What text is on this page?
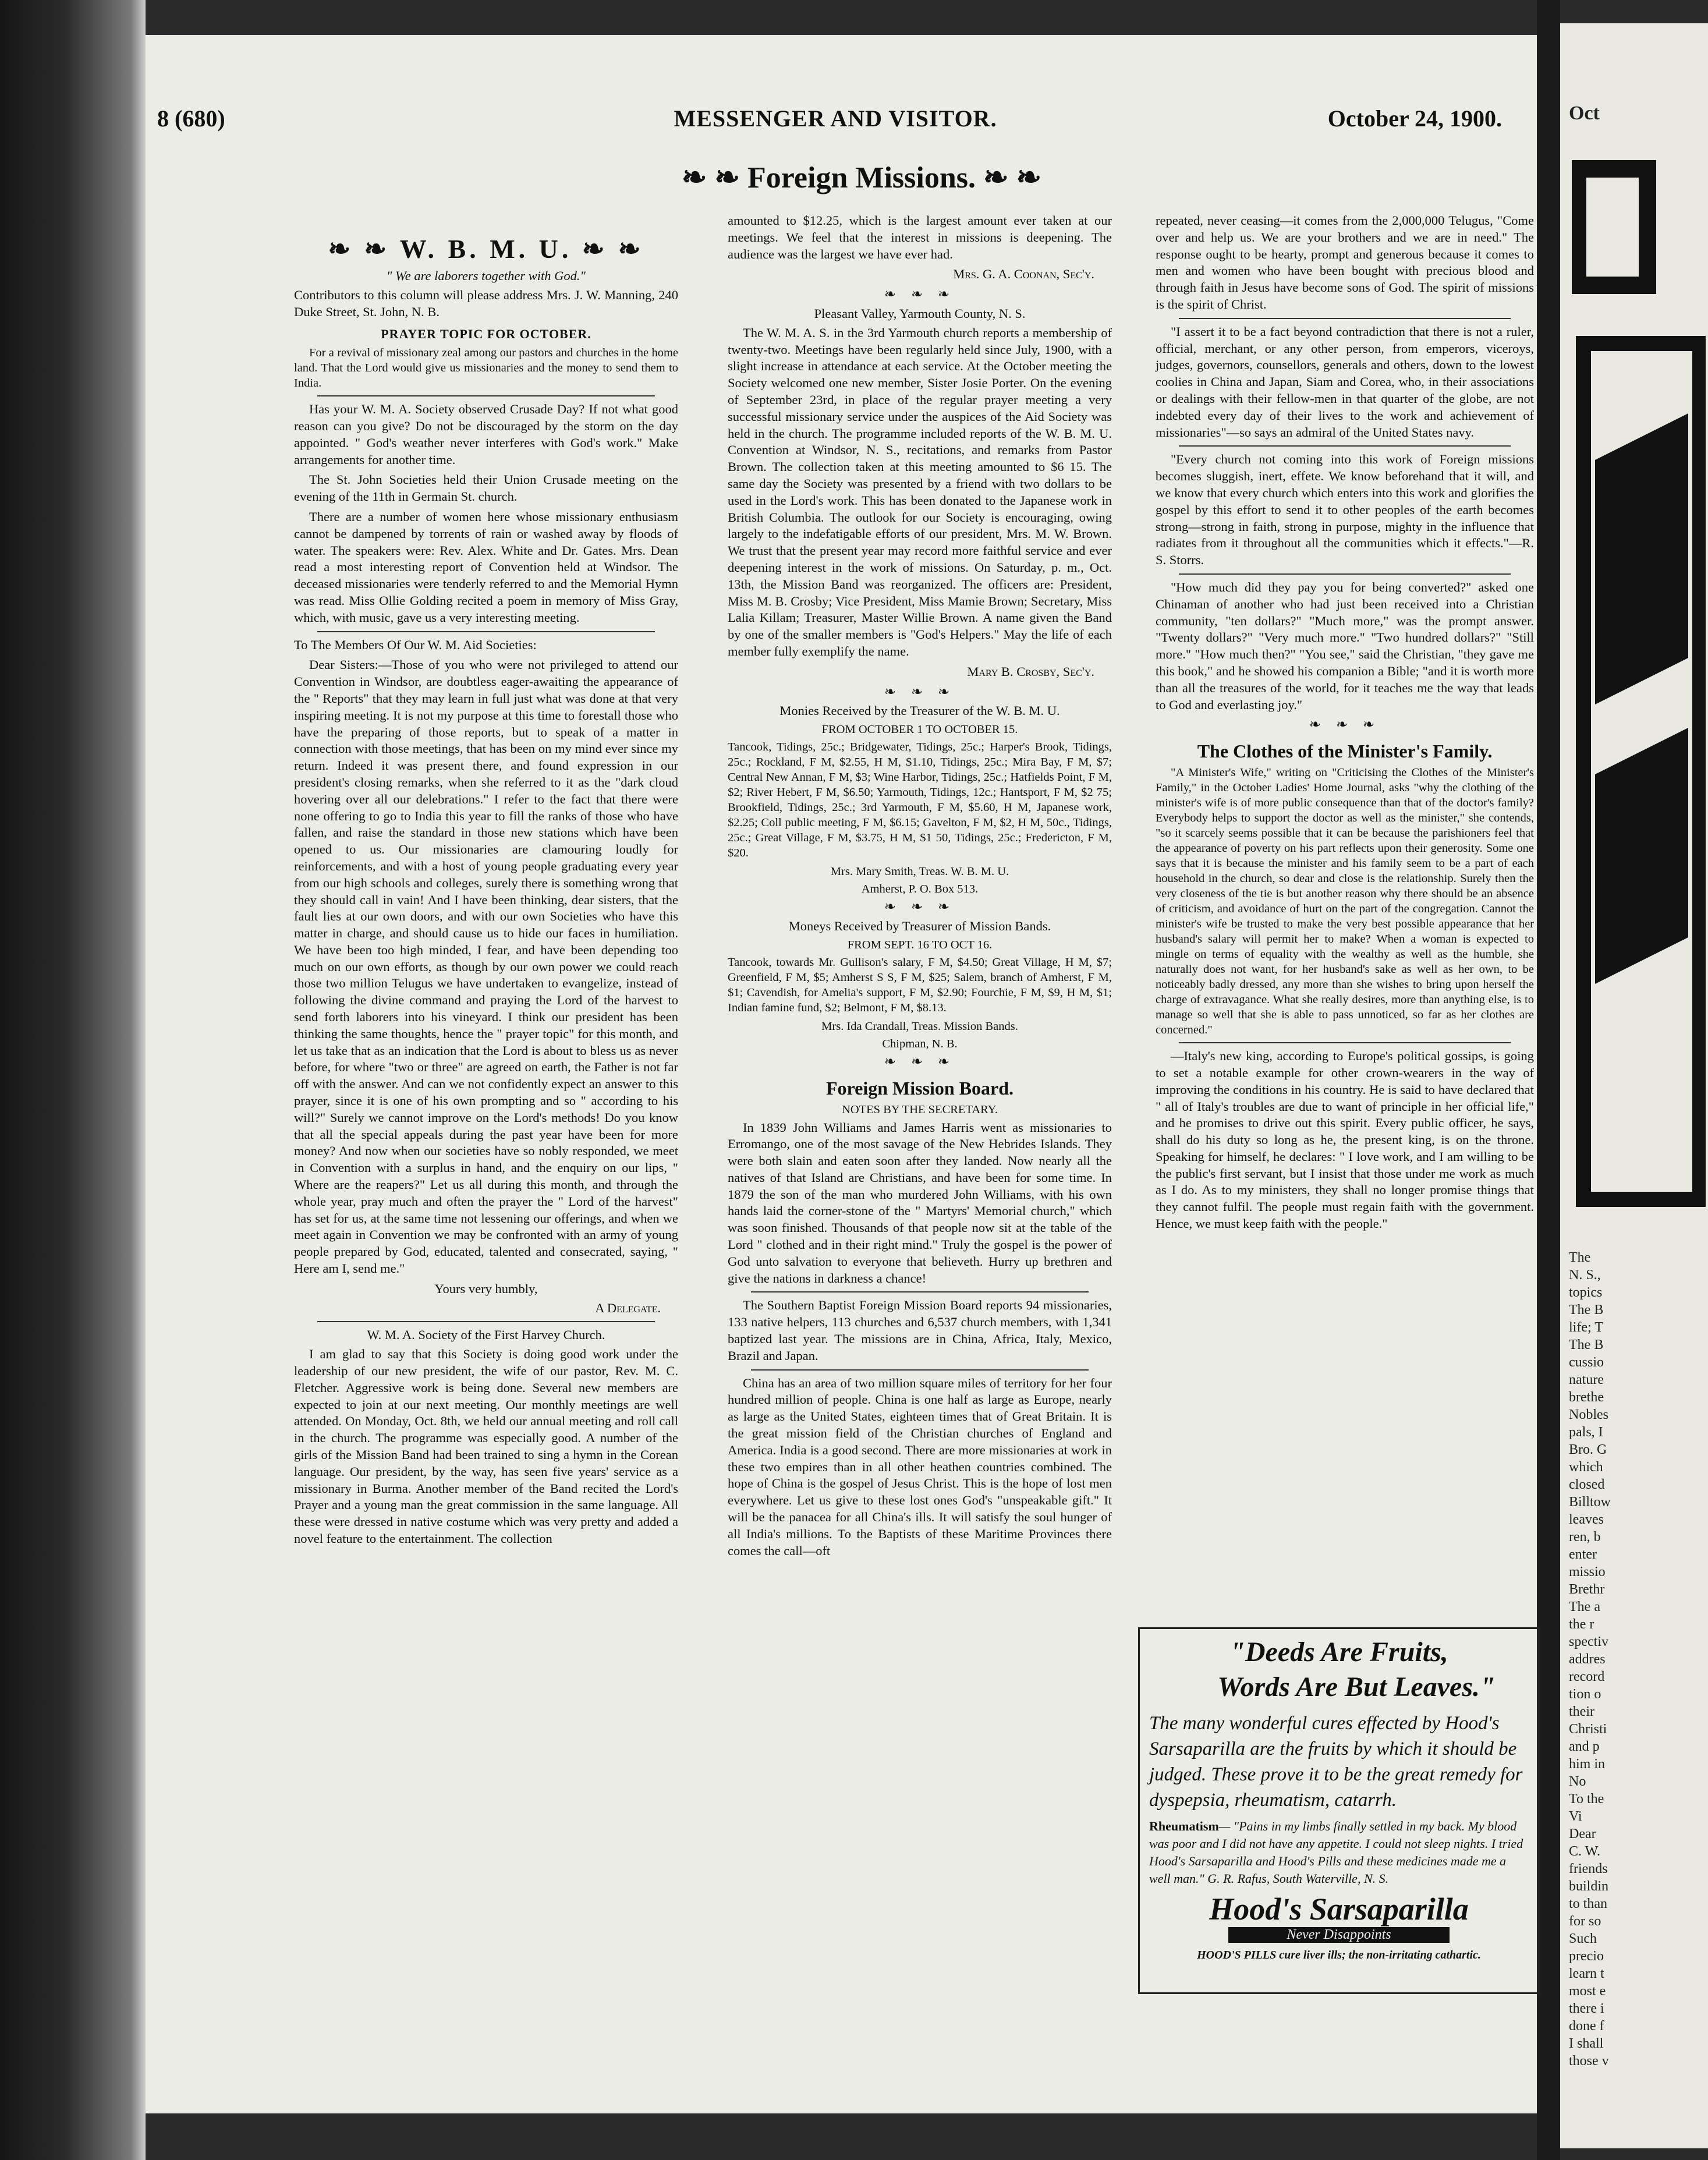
MESSENGER AND VISITOR.
8 (680)	October 24, 1900.
❧ ❧ Foreign Missions. ❧ ❧
❧ ❧ W. B. M. U. ❧ ❧
" We are laborers together with God."

Contributors to this column will please address Mrs. J. W. Manning, 240 Duke Street, St. John, N. B.

PRAYER TOPIC FOR OCTOBER.

For a revival of missionary zeal among our pastors and churches in the home land. That the Lord would give us missionaries and the money to send them to India.

Has your W. M. A. Society observed Crusade Day? If not what good reason can you give? Do not be discouraged by the storm on the day appointed. " God's weather never interferes with God's work." Make arrangements for another time.

The St. John Societies held their Union Crusade meeting on the evening of the 11th in Germain St. church.

There are a number of women here whose missionary enthusiasm cannot be dampened by torrents of rain or washed away by floods of water. The speakers were: Rev. Alex. White and Dr. Gates. Mrs. Dean read a most interesting report of Convention held at Windsor. The deceased missionaries were tenderly referred to and the Memorial Hymn was read. Miss Ollie Golding recited a poem in memory of Miss Gray, which, with music, gave us a very interesting meeting.

To The Members Of Our W. M. Aid Societies:

Dear Sisters:—Those of you who were not privileged to attend our Convention in Windsor, are doubtless eager-awaiting the appearance of the " Reports" that they may learn in full just what was done at that very inspiring meeting. It is not my purpose at this time to forestall those who have the preparing of those reports, but to speak of a matter in connection with those meetings, that has been on my mind ever since my return. Indeed it was present there, and found expression in our president's closing remarks, when she referred to it as the "dark cloud hovering over all our delebrations." I refer to the fact that there were none offering to go to India this year to fill the ranks of those who have fallen, and raise the standard in those new stations which have been opened to us. Our missionaries are clamouring loudly for reinforcements, and with a host of young people graduating every year from our high schools and colleges, surely there is something wrong that they should call in vain! And I have been thinking, dear sisters, that the fault lies at our own doors, and with our own Societies who have this matter in charge, and should cause us to hide our faces in humiliation. We have been too high minded, I fear, and have been depending too much on our own efforts, as though by our own power we could reach those two million Telugus we have undertaken to evangelize, instead of following the divine command and praying the Lord of the harvest to send forth laborers into his vineyard. I think our president has been thinking the same thoughts, hence the " prayer topic" for this month, and let us take that as an indication that the Lord is about to bless us as never before, for where "two or three" are agreed on earth, the Father is not far off with the answer. And can we not confidently expect an answer to this prayer, since it is one of his own prompting and so " according to his will?" Surely we cannot improve on the Lord's methods! Do you know that all the special appeals during the past year have been for more money? And now when our societies have so nobly responded, we meet in Convention with a surplus in hand, and the enquiry on our lips, " Where are the reapers?" Let us all during this month, and through the whole year, pray much and often the prayer the " Lord of the harvest" has set for us, at the same time not lessening our offerings, and when we meet again in Convention we may be confronted with an army of young people prepared by God, educated, talented and consecrated, saying, " Here am I, send me."

Yours very humbly,
A Delegate.
W. M. A. Society of the First Harvey Church.

I am glad to say that this Society is doing good work under the leadership of our new president, the wife of our pastor, Rev. M. C. Fletcher. Aggressive work is being done. Several new members are expected to join at our next meeting. Our monthly meetings are well attended. On Monday, Oct. 8th, we held our annual meeting and roll call in the church. The programme was especially good. A number of the girls of the Mission Band had been trained to sing a hymn in the Corean language. Our president, by the way, has seen five years' service as a missionary in Burma. Another member of the Band recited the Lord's Prayer and a young man the great commission in the same language. All these were dressed in native costume which was very pretty and added a novel feature to the entertainment. The collection

amounted to $12.25, which is the largest amount ever taken at our meetings. We feel that the interest in missions is deepening. The audience was the largest we have ever had.

Mrs. G. A. Coonan, Sec'y.
❧ ❧ ❧
Pleasant Valley, Yarmouth County, N. S.

The W. M. A. S. in the 3rd Yarmouth church reports a membership of twenty-two. Meetings have been regularly held since July, 1900, with a slight increase in attendance at each service. At the October meeting the Society welcomed one new member, Sister Josie Porter. On the evening of September 23rd, in place of the regular prayer meeting a very successful missionary service under the auspices of the Aid Society was held in the church. The programme included reports of the W. B. M. U. Convention at Windsor, N. S., recitations, and remarks from Pastor Brown. The collection taken at this meeting amounted to $6 15. The same day the Society was presented by a friend with two dollars to be used in the Lord's work. This has been donated to the Japanese work in British Columbia. The outlook for our Society is encouraging, owing largely to the indefatigable efforts of our president, Mrs. M. W. Brown. We trust that the present year may record more faithful service and ever deepening interest in the work of missions. On Saturday, p. m., Oct. 13th, the Mission Band was reorganized. The officers are: President, Miss M. B. Crosby; Vice President, Miss Mamie Brown; Secretary, Miss Lalia Killam; Treasurer, Master Willie Brown. A name given the Band by one of the smaller members is "God's Helpers." May the life of each member fully exemplify the name.

Mary B. Crosby, Sec'y.
❧ ❧ ❧
Monies Received by the Treasurer of the W. B. M. U.
FROM OCTOBER 1 TO OCTOBER 15.

Tancook, Tidings, 25c.; Bridgewater, Tidings, 25c.; Harper's Brook, Tidings, 25c.; Rockland, F M, $2.55, H M, $1.10, Tidings, 25c.; Mira Bay, F M, $7; Central New Annan, F M, $3; Wine Harbor, Tidings, 25c.; Hatfields Point, F M, $2; River Hebert, F M, $6.50; Yarmouth, Tidings, 12c.; Hantsport, F M, $2 75; Brookfield, Tidings, 25c.; 3rd Yarmouth, F M, $5.60, H M, Japanese work, $2.25; Coll public meeting, F M, $6.15; Gavelton, F M, $2, H M, 50c., Tidings, 25c.; Great Village, F M, $3.75, H M, $1 50, Tidings, 25c.; Fredericton, F M, $20.

Mrs. Mary Smith, Treas. W. B. M. U.
Amherst, P. O. Box 513.
❧ ❧ ❧
Moneys Received by Treasurer of Mission Bands.
FROM SEPT. 16 TO OCT 16.

Tancook, towards Mr. Gullison's salary, F M, $4.50; Great Village, H M, $7; Greenfield, F M, $5; Amherst S S, F M, $25; Salem, branch of Amherst, F M, $1; Cavendish, for Amelia's support, F M, $2.90; Fourchie, F M, $9, H M, $1; Indian famine fund, $2; Belmont, F M, $8.13.

Mrs. Ida Crandall, Treas. Mission Bands.
Chipman, N. B.
❧ ❧ ❧
Foreign Mission Board.
NOTES BY THE SECRETARY.

In 1839 John Williams and James Harris went as missionaries to Erromango, one of the most savage of the New Hebrides Islands. They were both slain and eaten soon after they landed. Now nearly all the natives of that Island are Christians, and have been for some time. In 1879 the son of the man who murdered John Williams, with his own hands laid the corner-stone of the " Martyrs' Memorial church," which was soon finished. Thousands of that people now sit at the table of the Lord " clothed and in their right mind." Truly the gospel is the power of God unto salvation to everyone that believeth. Hurry up brethren and give the nations in darkness a chance!

The Southern Baptist Foreign Mission Board reports 94 missionaries, 133 native helpers, 113 churches and 6,537 church members, with 1,341 baptized last year. The missions are in China, Africa, Italy, Mexico, Brazil and Japan.

China has an area of two million square miles of territory for her four hundred million of people. China is one half as large as Europe, nearly as large as the United States, eighteen times that of Great Britain. It is the great mission field of the Christian churches of England and America. India is a good second. There are more missionaries at work in these two empires than in all other heathen countries combined. The hope of China is the gospel of Jesus Christ. This is the hope of lost men everywhere. Let us give to these lost ones God's "unspeakable gift." It will be the panacea for all China's ills. It will satisfy the soul hunger of all India's millions. To the Baptists of these Maritime Provinces there comes the call—oft

repeated, never ceasing—it comes from the 2,000,000 Telugus, "Come over and help us. We are your brothers and we are in need." The response ought to be hearty, prompt and generous because it comes to men and women who have been bought with precious blood and through faith in Jesus have become sons of God. The spirit of missions is the spirit of Christ.

"I assert it to be a fact beyond contradiction that there is not a ruler, official, merchant, or any other person, from emperors, viceroys, judges, governors, counsellors, generals and others, down to the lowest coolies in China and Japan, Siam and Corea, who, in their associations or dealings with their fellow-men in that quarter of the globe, are not indebted every day of their lives to the work and achievement of missionaries"—so says an admiral of the United States navy.

"Every church not coming into this work of Foreign missions becomes sluggish, inert, effete. We know beforehand that it will, and we know that every church which enters into this work and glorifies the gospel by this effort to send it to other peoples of the earth becomes strong—strong in faith, strong in purpose, mighty in the influence that radiates from it throughout all the communities which it effects."—R. S. Storrs.

"How much did they pay you for being converted?" asked one Chinaman of another who had just been received into a Christian community, "ten dollars?" "Much more," was the prompt answer. "Twenty dollars?" "Very much more." "Two hundred dollars?" "Still more." "How much then?" "You see," said the Christian, "they gave me this book," and he showed his companion a Bible; "and it is worth more than all the treasures of the world, for it teaches me the way that leads to God and everlasting joy."

❧ ❧ ❧
The Clothes of the Minister's Family.

"A Minister's Wife," writing on "Criticising the Clothes of the Minister's Family," in the October Ladies' Home Journal, asks "why the clothing of the minister's wife is of more public consequence than that of the doctor's family? Everybody helps to support the doctor as well as the minister," she contends, "so it scarcely seems possible that it can be because the parishioners feel that the appearance of poverty on his part reflects upon their generosity. Some one says that it is because the minister and his family seem to be a part of each household in the church, so dear and close is the relationship. Surely then the very closeness of the tie is but another reason why there should be an absence of criticism, and avoidance of hurt on the part of the congregation. Cannot the minister's wife be trusted to make the very best possible appearance that her husband's salary will permit her to make? When a woman is expected to mingle on terms of equality with the wealthy as well as the humble, she naturally does not want, for her husband's sake as well as her own, to be noticeably badly dressed, any more than she wishes to bring upon herself the charge of extravagance. What she really desires, more than anything else, is to manage so well that she is able to pass unnoticed, so far as her clothes are concerned."

—Italy's new king, according to Europe's political gossips, is going to set a notable example for other crown-wearers in the way of improving the conditions in his country. He is said to have declared that " all of Italy's troubles are due to want of principle in her official life," and he promises to drive out this spirit. Every public officer, he says, shall do his duty so long as he, the present king, is on the throne. Speaking for himself, he declares: " I love work, and I am willing to be the public's first servant, but I insist that those under me work as much as I do. As to my ministers, they shall no longer promise things that they cannot fulfil. The people must regain faith with the government. Hence, we must keep faith with the people."

"Deeds Are Fruits,
Words Are But Leaves."
The many wonderful cures effected by Hood's Sarsaparilla are the fruits by which it should be judged. These prove it to be the great remedy for dyspepsia, rheumatism, catarrh.
Rheumatism— "Pains in my limbs finally settled in my back. My blood was poor and I did not have any appetite. I could not sleep nights. I tried Hood's Sarsaparilla and Hood's Pills and these medicines made me a well man." G. R. Rafus, South Waterville, N. S.
Hood's Sarsaparilla
Never Disappoints
HOOD'S PILLS cure liver ills; the non-irritating cathartic.
Oct
The
N. S.,
topics
The B
life; T
The B
cussio
nature
brethe
Nobles
pals, I
Bro. G
which
closed
Billtow
leaves
ren, b
enter
missio
Brethr
The a
the r
spectiv
addres
record
tion o
their
Christi
and p
him in
No
To the
Vi
Dear
C. W.
friends
buildin
to than
for so
Such
precio
learn t
most e
there i
done f
I shall
those v
